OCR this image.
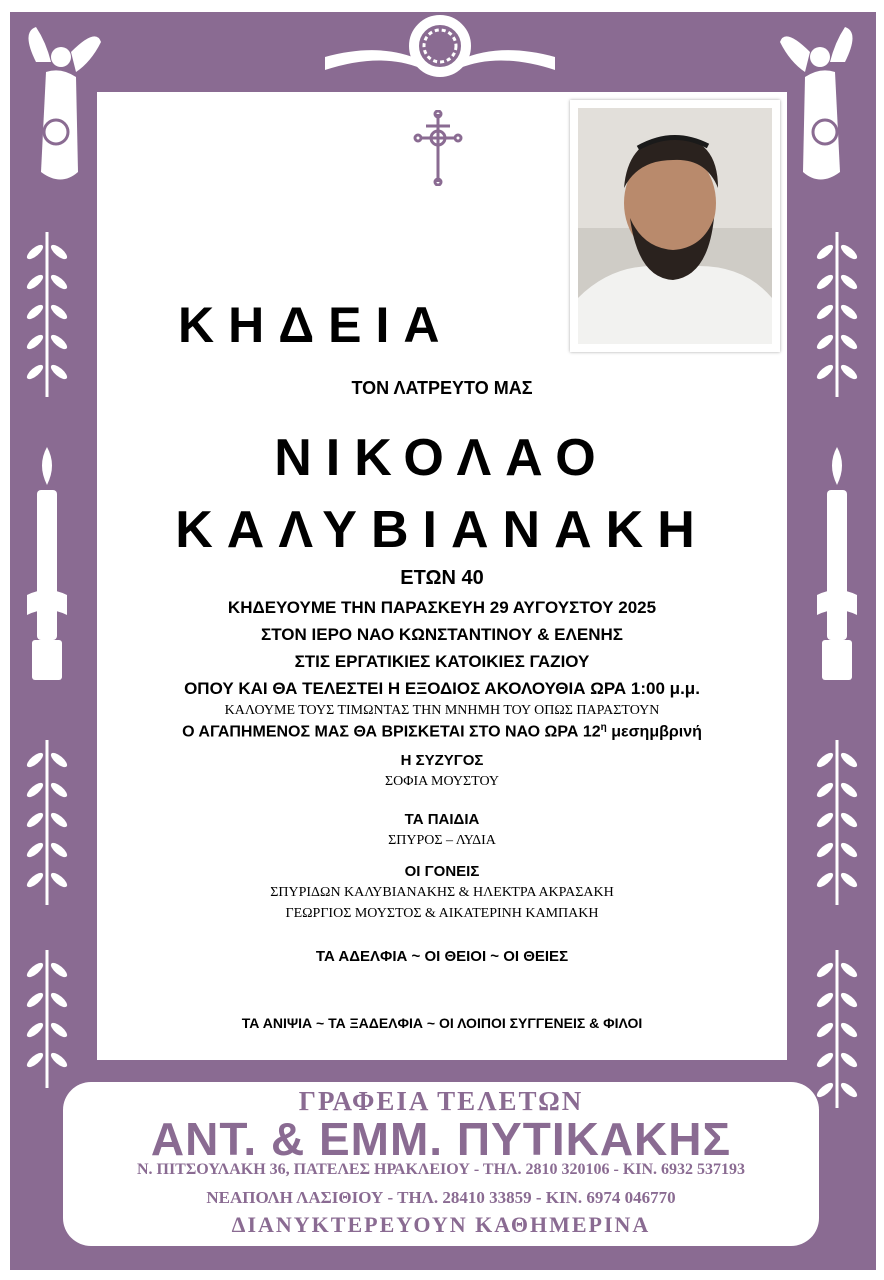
ΚΗΔΕΙΑ
ΤΟΝ ΛΑΤΡΕΥΤΟ ΜΑΣ
ΝΙΚΟΛΑΟ
ΚΑΛΥΒΙΑΝΑΚΗ
ΕΤΩΝ 40
ΚΗΔΕΥΟΥΜΕ ΤΗΝ ΠΑΡΑΣΚΕΥΗ 29 ΑΥΓΟΥΣΤΟΥ 2025
ΣΤΟΝ ΙΕΡΟ ΝΑΟ ΚΩΝΣΤΑΝΤΙΝΟΥ & ΕΛΕΝΗΣ
ΣΤΙΣ ΕΡΓΑΤΙΚΙΕΣ ΚΑΤΟΙΚΙΕΣ ΓΑΖΙΟΥ
ΟΠΟΥ ΚΑΙ ΘΑ ΤΕΛΕΣΤΕΙ Η ΕΞΟΔΙΟΣ ΑΚΟΛΟΥΘΙΑ ΩΡΑ 1:00 μ.μ.
ΚΑΛΟΥΜΕ ΤΟΥΣ ΤΙΜΩΝΤΑΣ ΤΗΝ ΜΝΗΜΗ ΤΟΥ ΟΠΩΣ ΠΑΡΑΣΤΟΥΝ
Ο ΑΓΑΠΗΜΕΝΟΣ ΜΑΣ ΘΑ ΒΡΙΣΚΕΤΑΙ ΣΤΟ ΝΑΟ ΩΡΑ $12^\eta$ μεσημβρινή
Η ΣΥΖΥΓΟΣ
ΣΟΦΙΑ ΜΟΥΣΤΟΥ
ΤΑ ΠΑΙΔΙΑ
ΣΠΥΡΟΣ – ΛΥΔΙΑ
ΟΙ ΓΟΝΕΙΣ
ΣΠΥΡΙΔΩΝ ΚΑΛΥΒΙΑΝΑΚΗΣ & ΗΛΕΚΤΡΑ ΑΚΡΑΣΑΚΗ
ΓΕΩΡΓΙΟΣ ΜΟΥΣΤΟΣ & ΑΙΚΑΤΕΡΙΝΗ ΚΑΜΠΑΚΗ
ΤΑ ΑΔΕΛΦΙΑ ~ ΟΙ ΘΕΙΟΙ ~ ΟΙ ΘΕΙΕΣ
ΤΑ ΑΝΙΨΙΑ ~ ΤΑ ΞΑΔΕΛΦΙΑ ~ ΟΙ ΛΟΙΠΟΙ ΣΥΓΓΕΝΕΙΣ & ΦΙΛΟΙ
ΓΡΑΦΕΙΑ ΤΕΛΕΤΩΝ
ΑΝΤ. & ΕΜΜ. ΠΥΤΙΚΑΚΗΣ
Ν. ΠΙΤΣΟΥΛΑΚΗ 36, ΠΑΤΕΛΕΣ ΗΡΑΚΛΕΙΟΥ - ΤΗΛ. 2810 320106 - ΚΙΝ. 6932 537193
ΝΕΑΠΟΛΗ ΛΑΣΙΘΙΟΥ - ΤΗΛ. 28410 33859 - ΚΙΝ. 6974 046770
ΔΙΑΝΥΚΤΕΡΕΥΟΥΝ ΚΑΘΗΜΕΡΙΝΑ
